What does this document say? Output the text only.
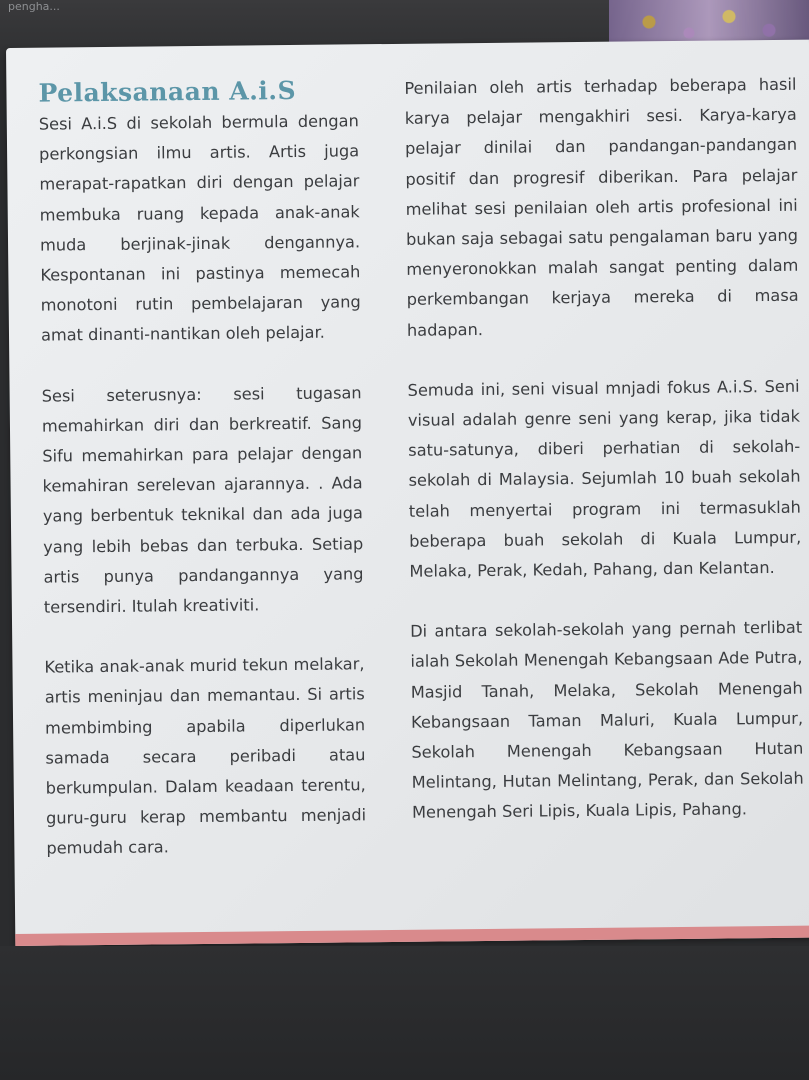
pengha...
Pelaksanaan A.i.S

Sesi A.i.S di sekolah bermula dengan perkongsian ilmu artis. Artis juga merapat-rapatkan diri dengan pelajar membuka ruang kepada anak-anak muda berjinak-jinak dengannya. Kespontanan ini pastinya memecah monotoni rutin pembelajaran yang amat dinanti-nantikan oleh pelajar.

Sesi seterusnya: sesi tugasan memahirkan diri dan berkreatif. Sang Sifu memahirkan para pelajar dengan kemahiran serelevan ajarannya. . Ada yang berbentuk teknikal dan ada juga yang lebih bebas dan terbuka. Setiap artis punya pandangannya yang tersendiri. Itulah kreativiti.

Ketika anak-anak murid tekun melakar, artis meninjau dan memantau. Si artis membimbing apabila diperlukan samada secara peribadi atau berkumpulan. Dalam keadaan terentu, guru-guru kerap membantu menjadi pemudah cara.

Penilaian oleh artis terhadap beberapa hasil karya pelajar mengakhiri sesi. Karya-karya pelajar dinilai dan pandangan-pandangan positif dan progresif diberikan. Para pelajar melihat sesi penilaian oleh artis profesional ini bukan saja sebagai satu pengalaman baru yang menyeronokkan malah sangat penting dalam perkembangan kerjaya mereka di masa hadapan.

Semuda ini, seni visual mnjadi fokus A.i.S. Seni visual adalah genre seni yang kerap, jika tidak satu-satunya, diberi perhatian di sekolah-sekolah di Malaysia. Sejumlah 10 buah sekolah telah menyertai program ini termasuklah beberapa buah sekolah di Kuala Lumpur, Melaka, Perak, Kedah, Pahang, dan Kelantan.

Di antara sekolah-sekolah yang pernah terlibat ialah Sekolah Menengah Kebangsaan Ade Putra, Masjid Tanah, Melaka, Sekolah Menengah Kebangsaan Taman Maluri, Kuala Lumpur, Sekolah Menengah Kebangsaan Hutan Melintang, Hutan Melintang, Perak, dan Sekolah Menengah Seri Lipis, Kuala Lipis, Pahang.
